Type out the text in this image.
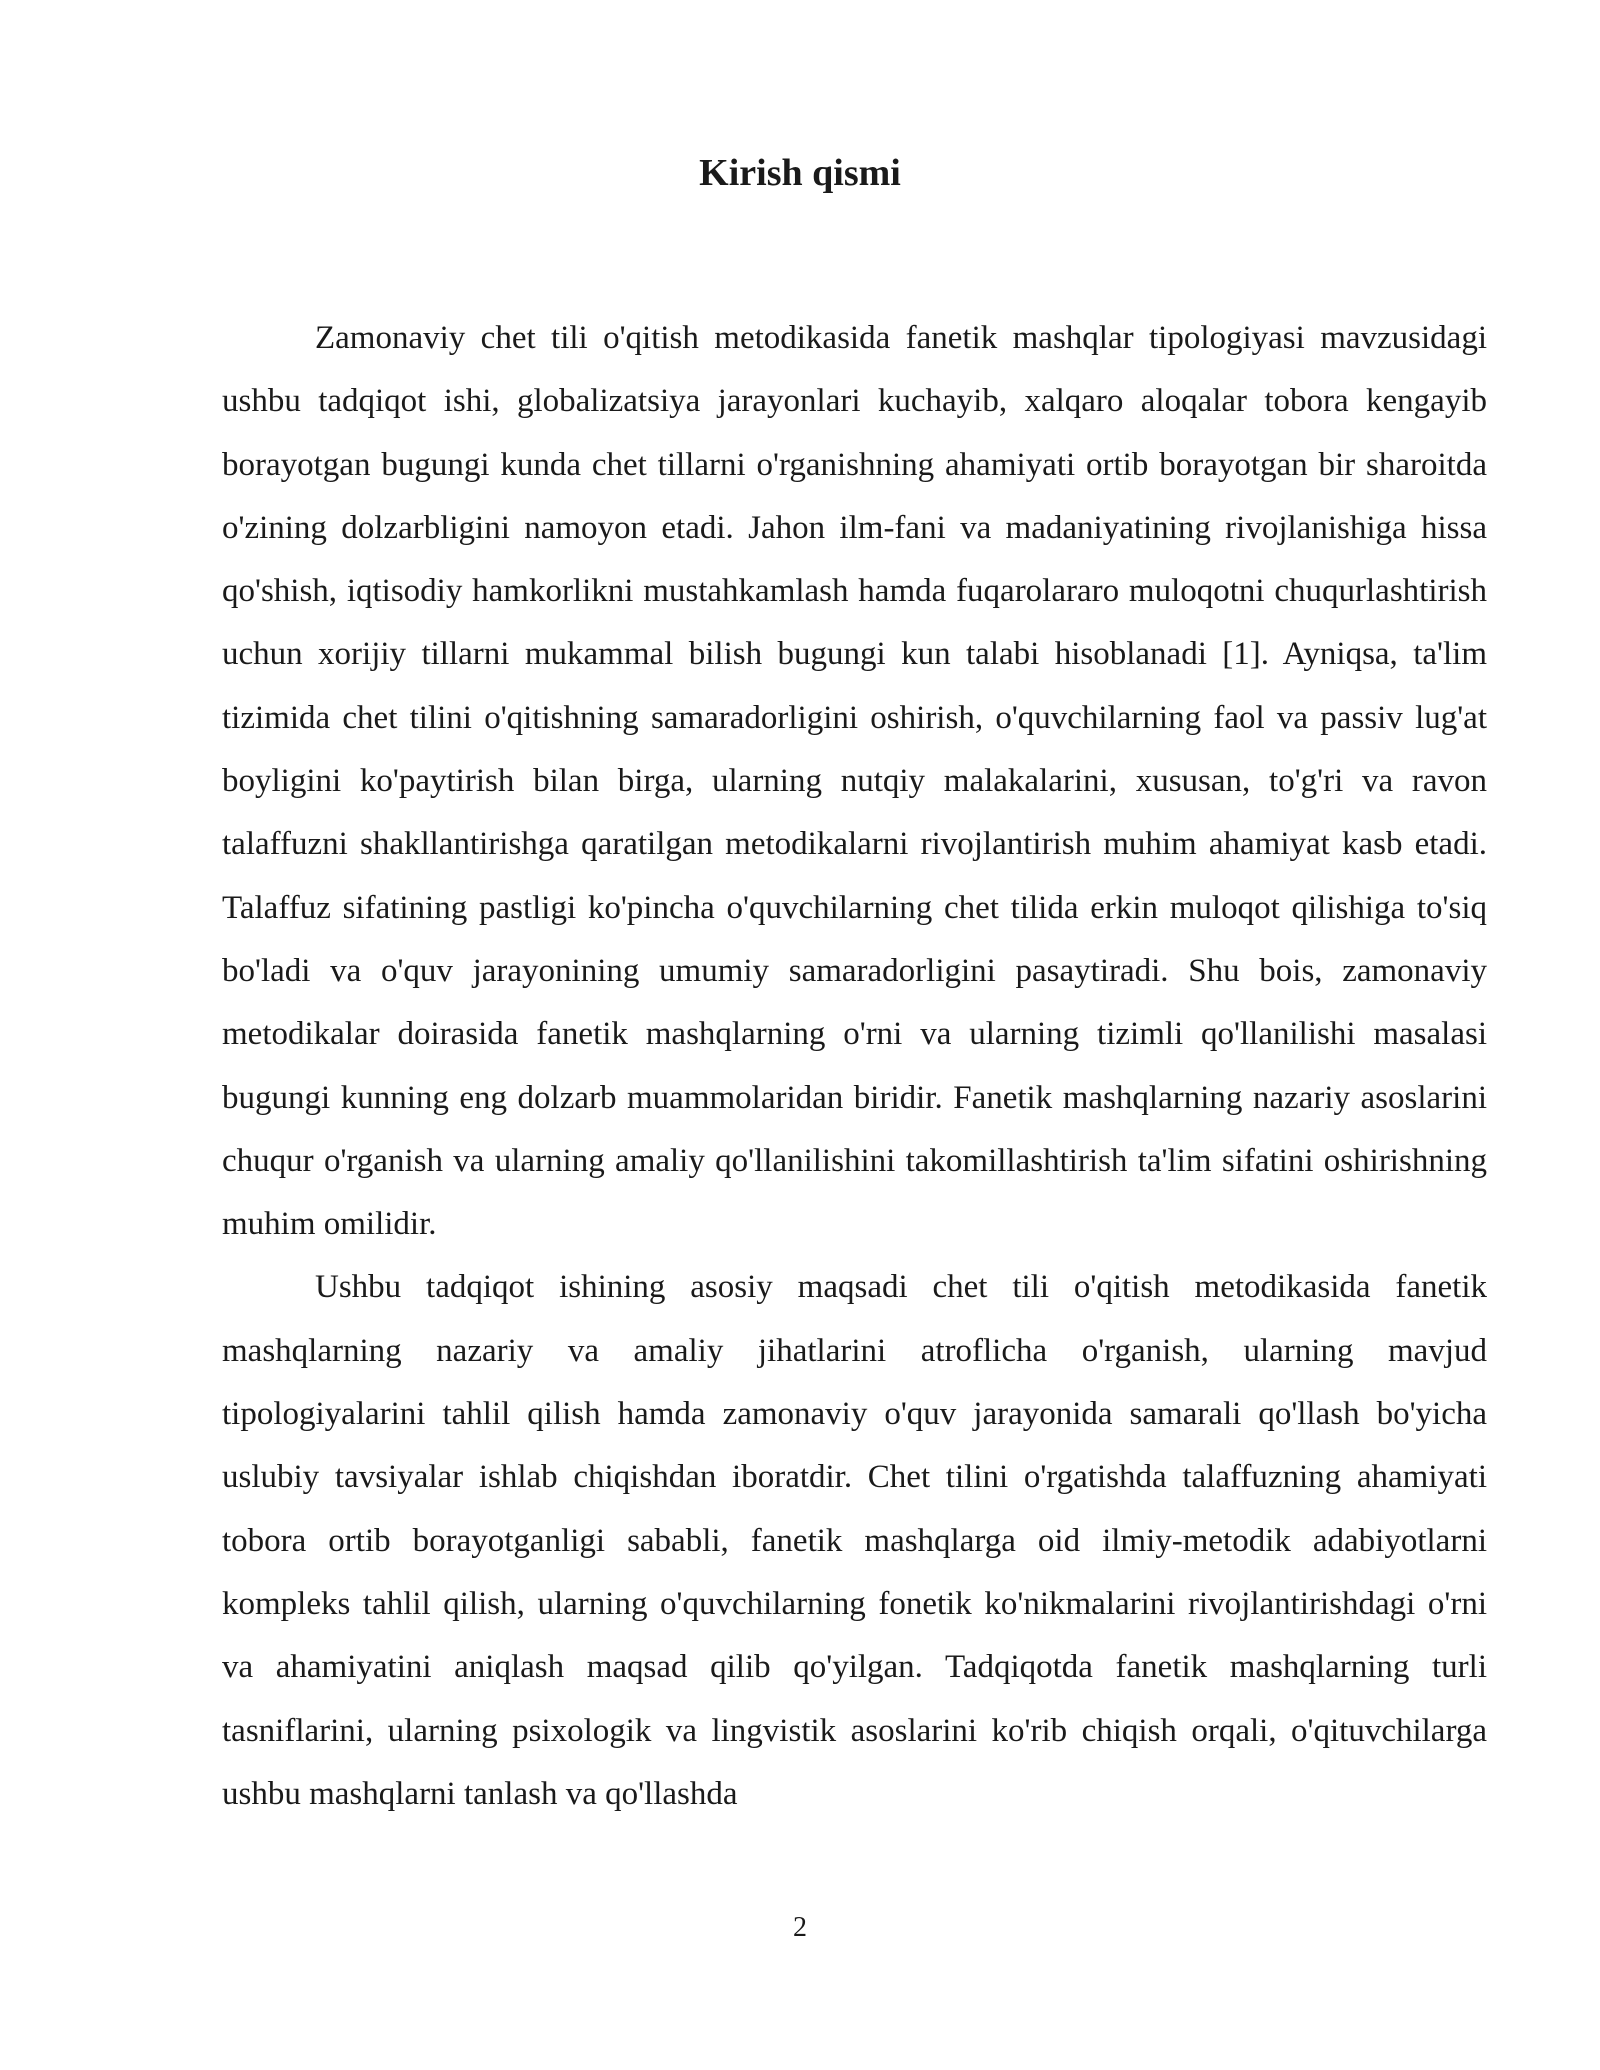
Kirish qismi

Zamonaviy chet tili o'qitish metodikasida fanetik mashqlar tipologiyasi mavzusidagi ushbu tadqiqot ishi, globalizatsiya jarayonlari kuchayib, xalqaro aloqalar tobora kengayib borayotgan bugungi kunda chet tillarni o'rganishning ahamiyati ortib borayotgan bir sharoitda o'zining dolzarbligini namoyon etadi. Jahon ilm-fani va madaniyatining rivojlanishiga hissa qo'shish, iqtisodiy hamkorlikni mustahkamlash hamda fuqarolararo muloqotni chuqurlashtirish uchun xorijiy tillarni mukammal bilish bugungi kun talabi hisoblanadi [1]. Ayniqsa, ta'lim tizimida chet tilini o'qitishning samaradorligini oshirish, o'quvchilarning faol va passiv lug'at boyligini ko'paytirish bilan birga, ularning nutqiy malakalarini, xususan, to'g'ri va ravon talaffuzni shakllantirishga qaratilgan metodikalarni rivojlantirish muhim ahamiyat kasb etadi. Talaffuz sifatining pastligi ko'pincha o'quvchilarning chet tilida erkin muloqot qilishiga to'siq bo'ladi va o'quv jarayonining umumiy samaradorligini pasaytiradi. Shu bois, zamonaviy metodikalar doirasida fanetik mashqlarning o'rni va ularning tizimli qo'llanilishi masalasi bugungi kunning eng dolzarb muammolaridan biridir. Fanetik mashqlarning nazariy asoslarini chuqur o'rganish va ularning amaliy qo'llanilishini takomillashtirish ta'lim sifatini oshirishning muhim omilidir.

Ushbu tadqiqot ishining asosiy maqsadi chet tili o'qitish metodikasida fanetik mashqlarning nazariy va amaliy jihatlarini atroflicha o'rganish, ularning mavjud tipologiyalarini tahlil qilish hamda zamonaviy o'quv jarayonida samarali qo'llash bo'yicha uslubiy tavsiyalar ishlab chiqishdan iboratdir. Chet tilini o'rgatishda talaffuzning ahamiyati tobora ortib borayotganligi sababli, fanetik mashqlarga oid ilmiy-metodik adabiyotlarni kompleks tahlil qilish, ularning o'quvchilarning fonetik ko'nikmalarini rivojlantirishdagi o'rni va ahamiyatini aniqlash maqsad qilib qo'yilgan. Tadqiqotda fanetik mashqlarning turli tasniflarini, ularning psixologik va lingvistik asoslarini ko'rib chiqish orqali, o'qituvchilarga ushbu mashqlarni tanlash va qo'llashda

2
